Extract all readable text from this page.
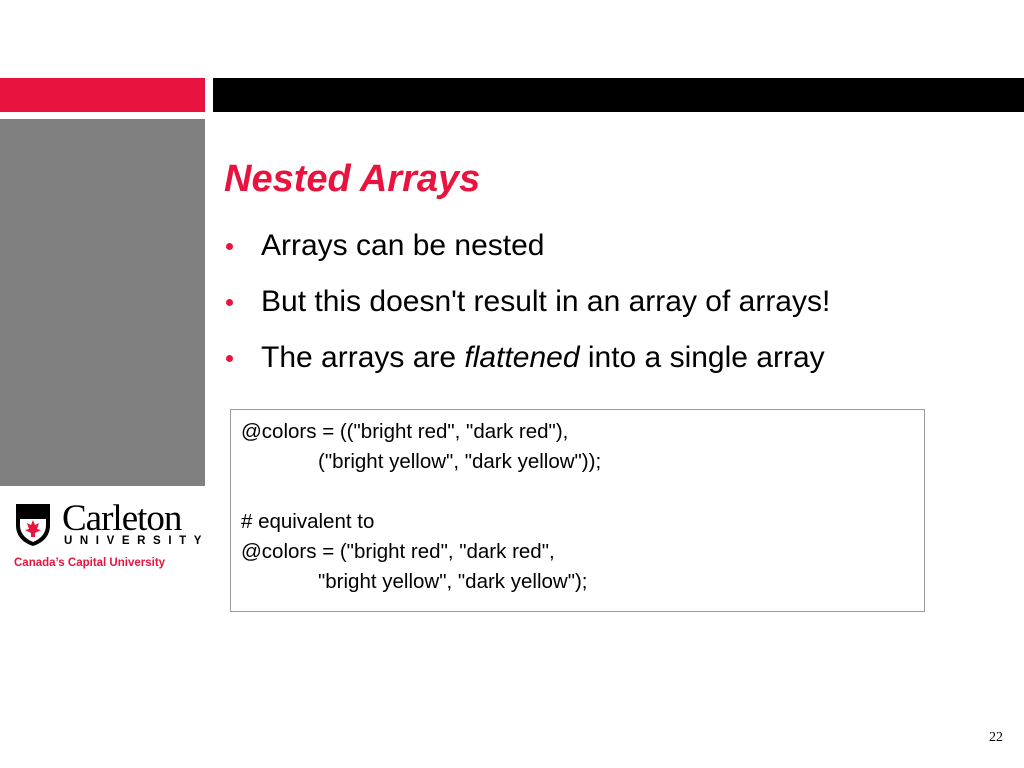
Nested Arrays
Arrays can be nested
But this doesn't result in an array of arrays!
The arrays are flattened into a single array
@colors = (("bright red", "dark red"),
("bright yellow", "dark yellow"));
# equivalent to
@colors = ("bright red", "dark red",
"bright yellow", "dark yellow");
Carleton
UNIVERSITY
Canada’s Capital University
22
